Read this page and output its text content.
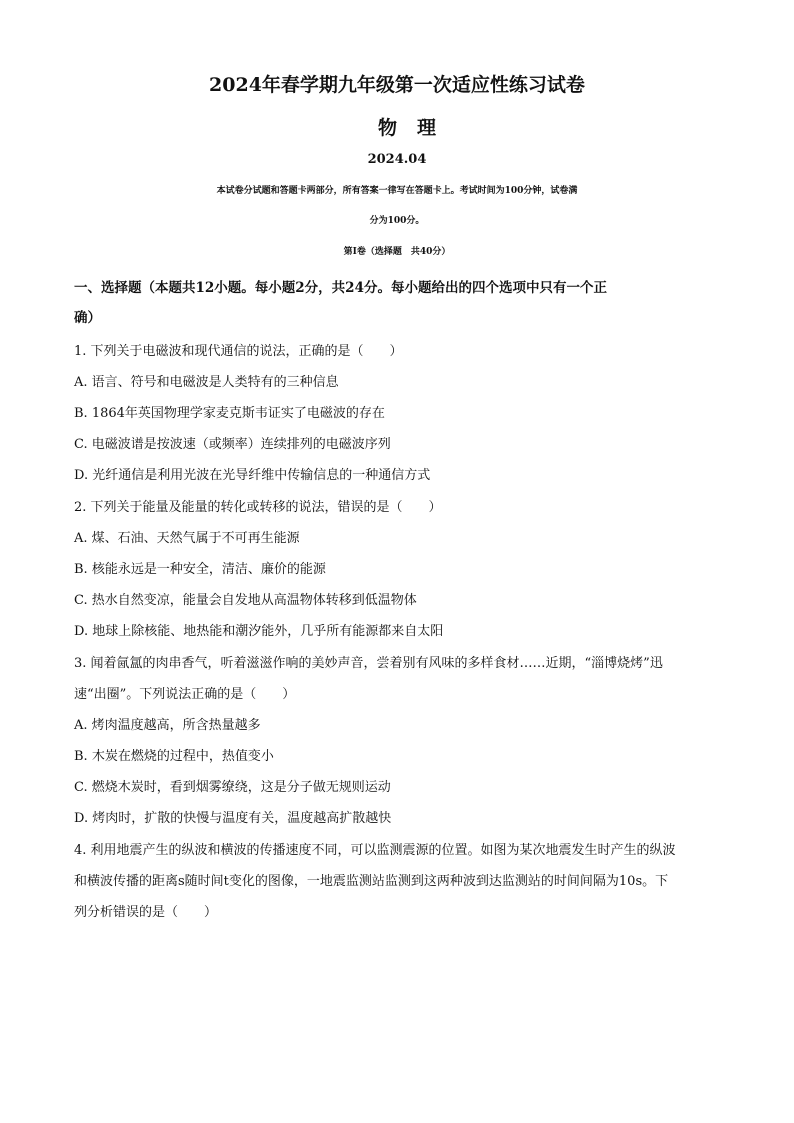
2024年春学期九年级第一次适应性练习试卷
物理
2024.04
本试卷分试题和答题卡两部分，所有答案一律写在答题卡上。考试时间为100分钟，试卷满
分为100分。
第Ⅰ卷（选择题　共40分）
一、选择题（本题共12小题。每小题2分，共24分。每小题给出的四个选项中只有一个正
确）
1. 下列关于电磁波和现代通信的说法，正确的是（　　）
A. 语言、符号和电磁波是人类特有的三种信息
B. 1864年英国物理学家麦克斯韦证实了电磁波的存在
C. 电磁波谱是按波速（或频率）连续排列的电磁波序列
D. 光纤通信是利用光波在光导纤维中传输信息的一种通信方式
2. 下列关于能量及能量的转化或转移的说法，错误的是（　　）
A. 煤、石油、天然气属于不可再生能源
B. 核能永远是一种安全，清洁、廉价的能源
C. 热水自然变凉，能量会自发地从高温物体转移到低温物体
D. 地球上除核能、地热能和潮汐能外，几乎所有能源都来自太阳
3. 闻着氤氲的肉串香气，听着滋滋作响的美妙声音，尝着别有风味的多样食材……近期，“淄博烧烤”迅
速“出圈”。下列说法正确的是（　　）
A. 烤肉温度越高，所含热量越多
B. 木炭在燃烧的过程中，热值变小
C. 燃烧木炭时，看到烟雾缭绕，这是分子做无规则运动
D. 烤肉时，扩散的快慢与温度有关，温度越高扩散越快
4. 利用地震产生的纵波和横波的传播速度不同，可以监测震源的位置。如图为某次地震发生时产生的纵波
和横波传播的距离s随时间t变化的图像，一地震监测站监测到这两种波到达监测站的时间间隔为10s。下
列分析错误的是（　　）
